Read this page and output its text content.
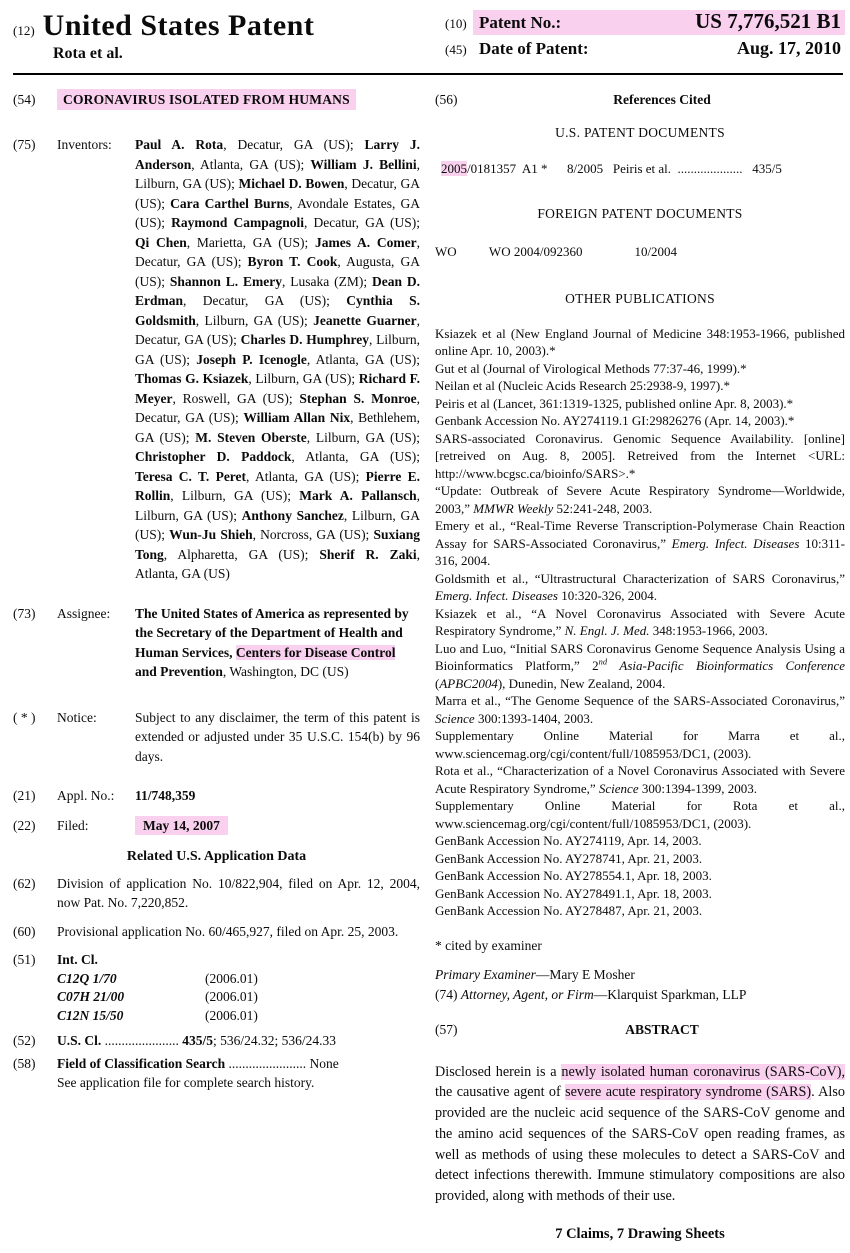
(12) United States Patent
Rota et al.
(10) Patent No.:	US 7,776,521 B1
(45) Date of Patent:	Aug. 17, 2010
(54)	CORONAVIRUS ISOLATED FROM HUMANS
(75)	Inventors:	Paul A. Rota, Decatur, GA (US); Larry J. Anderson, Atlanta, GA (US); William J. Bellini, Lilburn, GA (US); Michael D. Bowen, Decatur, GA (US); Cara Carthel Burns, Avondale Estates, GA (US); Raymond Campagnoli, Decatur, GA (US); Qi Chen, Marietta, GA (US); James A. Comer, Decatur, GA (US); Byron T. Cook, Augusta, GA (US); Shannon L. Emery, Lusaka (ZM); Dean D. Erdman, Decatur, GA (US); Cynthia S. Goldsmith, Lilburn, GA (US); Jeanette Guarner, Decatur, GA (US); Charles D. Humphrey, Lilburn, GA (US); Joseph P. Icenogle, Atlanta, GA (US); Thomas G. Ksiazek, Lilburn, GA (US); Richard F. Meyer, Roswell, GA (US); Stephan S. Monroe, Decatur, GA (US); William Allan Nix, Bethlehem, GA (US); M. Steven Oberste, Lilburn, GA (US); Christopher D. Paddock, Atlanta, GA (US); Teresa C. T. Peret, Atlanta, GA (US); Pierre E. Rollin, Lilburn, GA (US); Mark A. Pallansch, Lilburn, GA (US); Anthony Sanchez, Lilburn, GA (US); Wun-Ju Shieh, Norcross, GA (US); Suxiang Tong, Alpharetta, GA (US); Sherif R. Zaki, Atlanta, GA (US)
(73)	Assignee:	The United States of America as represented by the Secretary of the Department of Health and Human Services, Centers for Disease Control and Prevention, Washington, DC (US)
( * )	Notice:	Subject to any disclaimer, the term of this patent is extended or adjusted under 35 U.S.C. 154(b) by 96 days.
(21)	Appl. No.:	11/748,359
(22)	Filed:	May 14, 2007
Related U.S. Application Data
(62)	Division of application No. 10/822,904, filed on Apr. 12, 2004, now Pat. No. 7,220,852.
(60)	Provisional application No. 60/465,927, filed on Apr. 25, 2003.
(51)	Int. Cl.
C12Q 1/70	(2006.01)
C07H 21/00	(2006.01)
C12N 15/50	(2006.01)
(52)	U.S. Cl. ...................... 435/5; 536/24.32; 536/24.33
(58)	Field of Classification Search ....................... None
See application file for complete search history.
(56)	References Cited
U.S. PATENT DOCUMENTS
2005/0181357  A1 *      8/2005   Peiris et al.  ....................   435/5
FOREIGN PATENT DOCUMENTS
WO          WO 2004/092360                10/2004
OTHER PUBLICATIONS
Ksiazek et al (New England Journal of Medicine 348:1953-1966, published online Apr. 10, 2003).*
Gut et al (Journal of Virological Methods 77:37-46, 1999).*
Neilan et al (Nucleic Acids Research 25:2938-9, 1997).*
Peiris et al (Lancet, 361:1319-1325, published online Apr. 8, 2003).*
Genbank Accession No. AY274119.1 GI:29826276 (Apr. 14, 2003).*
SARS-associated Coronavirus. Genomic Sequence Availability. [online] [retreived on Aug. 8, 2005]. Retreived from the Internet <URL: http://www.bcgsc.ca/bioinfo/SARS>.*
“Update: Outbreak of Severe Acute Respiratory Syndrome—Worldwide, 2003,” MMWR Weekly 52:241-248, 2003.
Emery et al., “Real-Time Reverse Transcription-Polymerase Chain Reaction Assay for SARS-Associated Coronavirus,” Emerg. Infect. Diseases 10:311-316, 2004.
Goldsmith et al., “Ultrastructural Characterization of SARS Coronavirus,” Emerg. Infect. Diseases 10:320-326, 2004.
Ksiazek et al., “A Novel Coronavirus Associated with Severe Acute Respiratory Syndrome,” N. Engl. J. Med. 348:1953-1966, 2003.
Luo and Luo, “Initial SARS Coronavirus Genome Sequence Analysis Using a Bioinformatics Platform,” 2nd Asia-Pacific Bioinformatics Conference (APBC2004), Dunedin, New Zealand, 2004.
Marra et al., “The Genome Sequence of the SARS-Associated Coronavirus,” Science 300:1393-1404, 2003.
Supplementary Online Material for Marra et al., www.sciencemag.org/cgi/content/full/1085953/DC1, (2003).
Rota et al., “Characterization of a Novel Coronavirus Associated with Severe Acute Respiratory Syndrome,” Science 300:1394-1399, 2003.
Supplementary Online Material for Rota et al., www.sciencemag.org/cgi/content/full/1085953/DC1, (2003).
GenBank Accession No. AY274119, Apr. 14, 2003.
GenBank Accession No. AY278741, Apr. 21, 2003.
GenBank Accession No. AY278554.1, Apr. 18, 2003.
GenBank Accession No. AY278491.1, Apr. 18, 2003.
GenBank Accession No. AY278487, Apr. 21, 2003.
* cited by examiner
Primary Examiner—Mary E Mosher
(74) Attorney, Agent, or Firm—Klarquist Sparkman, LLP
(57)	ABSTRACT
Disclosed herein is a newly isolated human coronavirus (SARS-CoV), the causative agent of severe acute respiratory syndrome (SARS). Also provided are the nucleic acid sequence of the SARS-CoV genome and the amino acid sequences of the SARS-CoV open reading frames, as well as methods of using these molecules to detect a SARS-CoV and detect infections therewith. Immune stimulatory compositions are also provided, along with methods of their use.
7 Claims, 7 Drawing Sheets
